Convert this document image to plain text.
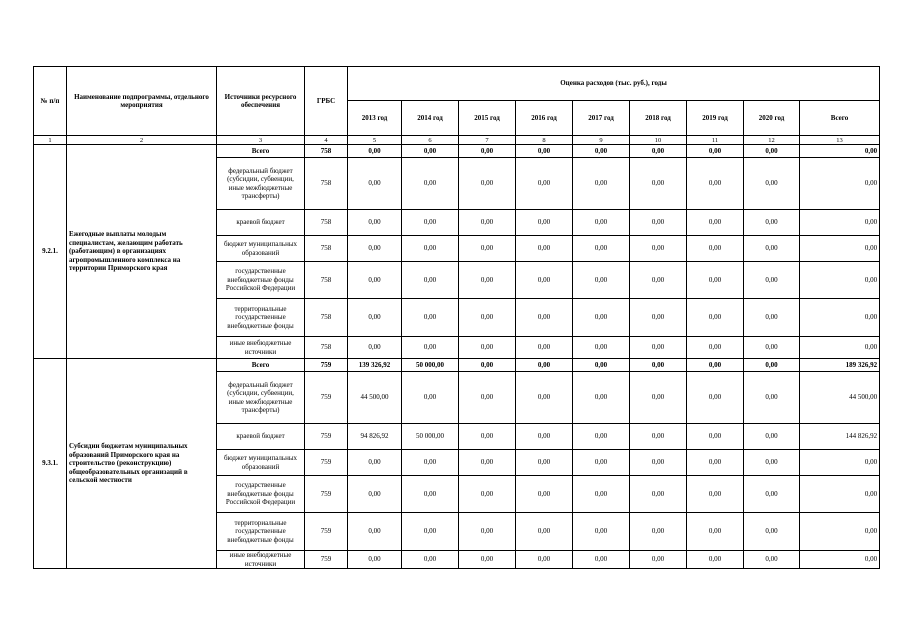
№ п/п	Наименование подпрограммы, отдельного мероприятия	Источники ресурсного обеспечения	ГРБС	Оценка расходов (тыс. руб.), годы								
				2013 год	2014 год	2015 год	2016 год	2017 год	2018 год	2019 год	2020 год	Всего
1	2	3	4	5	6	7	8	9	10	11	12	13
9.2.1.	Ежегодные выплаты молодым специалистам, желающим работать (работающим) в организациях агропромышленного комплекса на территории Приморского края	Всего	758	0,00	0,00	0,00	0,00	0,00	0,00	0,00	0,00	0,00
		федеральный бюджет (субсидии, субвенции, иные межбюджетные трансферты)	758	0,00	0,00	0,00	0,00	0,00	0,00	0,00	0,00	0,00
		краевой бюджет	758	0,00	0,00	0,00	0,00	0,00	0,00	0,00	0,00	0,00
		бюджет муниципальных образований	758	0,00	0,00	0,00	0,00	0,00	0,00	0,00	0,00	0,00
		государственные внебюджетные фонды Российской Федерации	758	0,00	0,00	0,00	0,00	0,00	0,00	0,00	0,00	0,00
		территориальные государственные внебюджетные фонды	758	0,00	0,00	0,00	0,00	0,00	0,00	0,00	0,00	0,00
		иные внебюджетные источники	758	0,00	0,00	0,00	0,00	0,00	0,00	0,00	0,00	0,00
9.3.1.	Субсидии бюджетам муниципальных образований Приморского края на строительство (реконструкцию) общеобразовательных организаций в сельской местности	Всего	759	139 326,92	50 000,00	0,00	0,00	0,00	0,00	0,00	0,00	189 326,92
		федеральный бюджет (субсидии, субвенции, иные межбюджетные трансферты)	759	44 500,00	0,00	0,00	0,00	0,00	0,00	0,00	0,00	44 500,00
		краевой бюджет	759	94 826,92	50 000,00	0,00	0,00	0,00	0,00	0,00	0,00	144 826,92
		бюджет муниципальных образований	759	0,00	0,00	0,00	0,00	0,00	0,00	0,00	0,00	0,00
		государственные внебюджетные фонды Российской Федерации	759	0,00	0,00	0,00	0,00	0,00	0,00	0,00	0,00	0,00
		территориальные государственные внебюджетные фонды	759	0,00	0,00	0,00	0,00	0,00	0,00	0,00	0,00	0,00
		иные внебюджетные источники	759	0,00	0,00	0,00	0,00	0,00	0,00	0,00	0,00	0,00
